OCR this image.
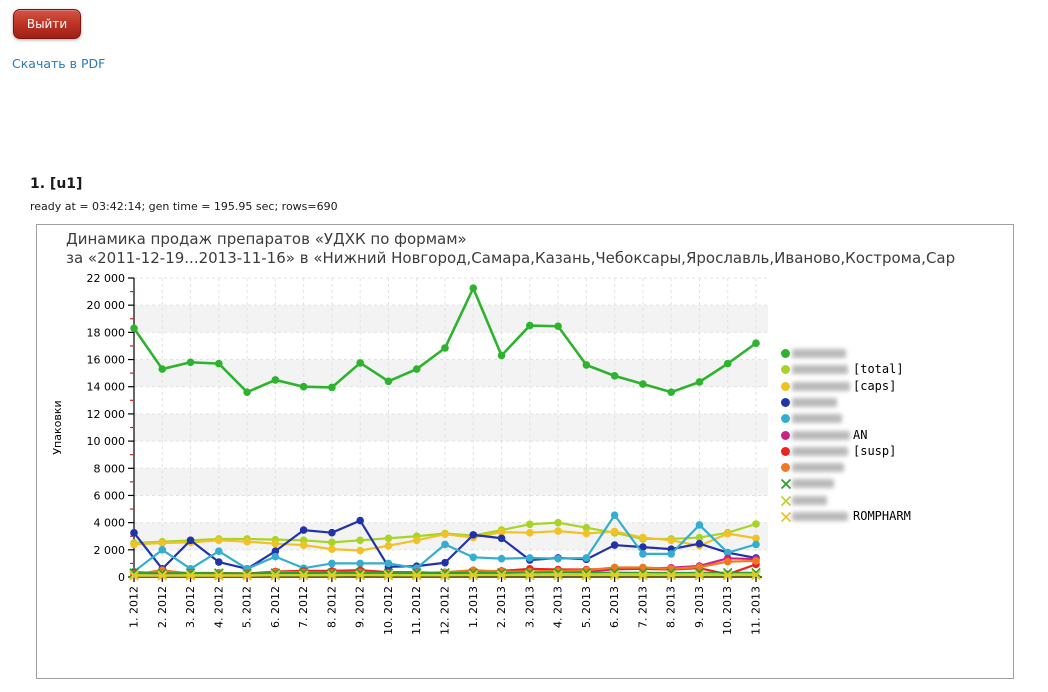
Выйти
Скачать в PDF
1. [u1]
ready at = 03:42:14; gen time = 195.95 sec; rows=690
Динамика продаж препаратов «УДХК по формам»
за «2011-12-19...2013-11-16» в «Нижний Новгород,Самара,Казань,Чебоксары,Ярославль,Иваново,Кострома,Сар
0
2 000
4 000
6 000
8 000
10 000
12 000
14 000
16 000
18 000
20 000
22 000
1. 2012 2. 2012 3. 2012 4. 2012 5. 2012 6. 2012 7. 2012 8. 2012 9. 2012 10. 2012 11. 2012 12. 2012 1. 2013 2. 2013 3. 2013 4. 2013 5. 2013 6. 2013 7. 2013 8. 2013 9. 2013 10. 2013 11. 2013
Упаковки
[total]
[caps]
AN
[susp]
ROMPHARM
